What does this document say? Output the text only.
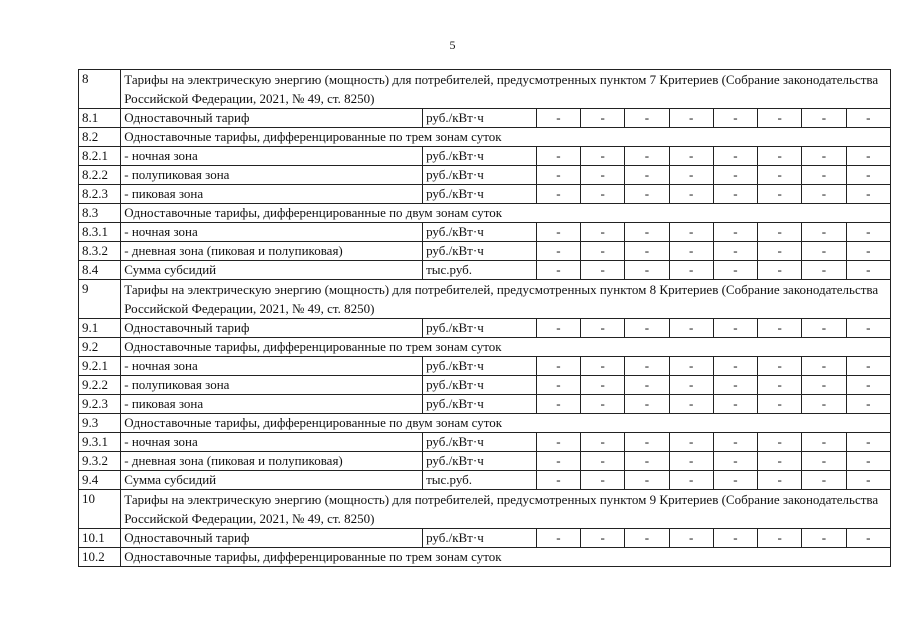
5
8	Тарифы на электрическую энергию (мощность) для потребителей, предусмотренных пунктом 7 Критериев (Собрание законодательства Российской Федерации, 2021, № 49, ст. 8250)									
8.1	Одноставочный тариф	руб./кВт·ч	-	-	-	-	-	-	-	-
8.2	Одноставочные тарифы, дифференцированные по трем зонам суток									
8.2.1	- ночная зона	руб./кВт·ч	-	-	-	-	-	-	-	-
8.2.2	- полупиковая зона	руб./кВт·ч	-	-	-	-	-	-	-	-
8.2.3	- пиковая зона	руб./кВт·ч	-	-	-	-	-	-	-	-
8.3	Одноставочные тарифы, дифференцированные по двум зонам суток									
8.3.1	- ночная зона	руб./кВт·ч	-	-	-	-	-	-	-	-
8.3.2	- дневная зона (пиковая и полупиковая)	руб./кВт·ч	-	-	-	-	-	-	-	-
8.4	Сумма субсидий	тыс.руб.	-	-	-	-	-	-	-	-
9	Тарифы на электрическую энергию (мощность) для потребителей, предусмотренных пунктом 8 Критериев (Собрание законодательства Российской Федерации, 2021, № 49, ст. 8250)									
9.1	Одноставочный тариф	руб./кВт·ч	-	-	-	-	-	-	-	-
9.2	Одноставочные тарифы, дифференцированные по трем зонам суток									
9.2.1	- ночная зона	руб./кВт·ч	-	-	-	-	-	-	-	-
9.2.2	- полупиковая зона	руб./кВт·ч	-	-	-	-	-	-	-	-
9.2.3	- пиковая зона	руб./кВт·ч	-	-	-	-	-	-	-	-
9.3	Одноставочные тарифы, дифференцированные по двум зонам суток									
9.3.1	- ночная зона	руб./кВт·ч	-	-	-	-	-	-	-	-
9.3.2	- дневная зона (пиковая и полупиковая)	руб./кВт·ч	-	-	-	-	-	-	-	-
9.4	Сумма субсидий	тыс.руб.	-	-	-	-	-	-	-	-
10	Тарифы на электрическую энергию (мощность) для потребителей, предусмотренных пунктом 9 Критериев (Собрание законодательства Российской Федерации, 2021, № 49, ст. 8250)									
10.1	Одноставочный тариф	руб./кВт·ч	-	-	-	-	-	-	-	-
10.2	Одноставочные тарифы, дифференцированные по трем зонам суток									
